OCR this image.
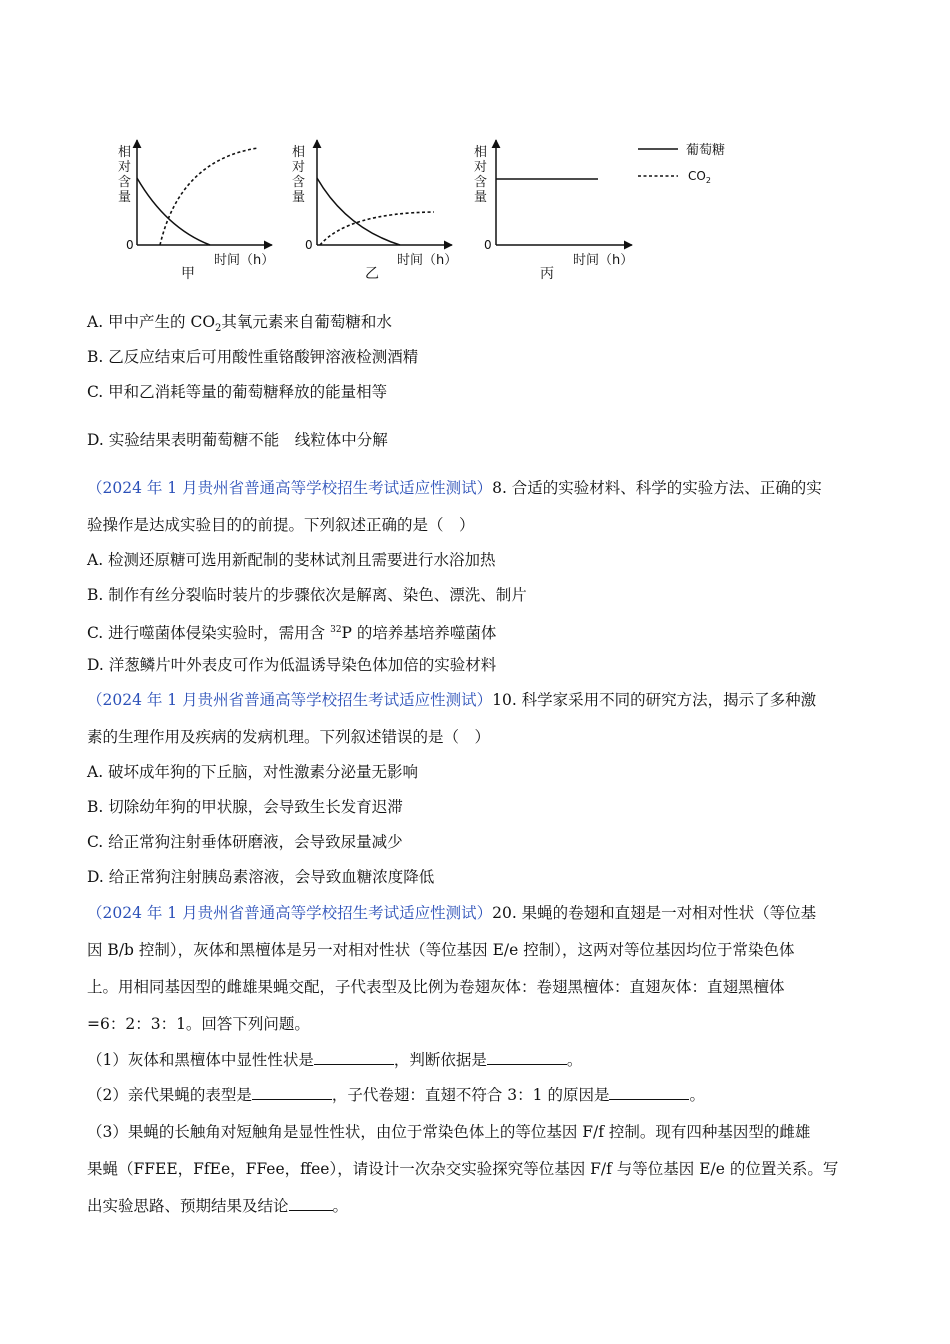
相 对 含 量
0
甲
时间（h）
相 对 含 量
0
乙
时间（h）
相 对 含 量
0
丙
时间（h）
葡萄糖
$CO_2$
A. 甲中产生的 $CO_2$其氧元素来自葡萄糖和水
B. 乙反应结束后可用酸性重铬酸钾溶液检测酒精
C. 甲和乙消耗等量的葡萄糖释放的能量相等
D. 实验结果表明葡萄糖不能　线粒体中分解
（2024 年 1 月贵州省普通高等学校招生考试适应性测试）8. 合适的实验材料、科学的实验方法、正确的实
验操作是达成实验目的的前提。下列叙述正确的是（　）
A. 检测还原糖可选用新配制的斐林试剂且需要进行水浴加热
B. 制作有丝分裂临时装片的步骤依次是解离、染色、漂洗、制片
C. 进行噬菌体侵染实验时，需用含 $^{32}$P 的培养基培养噬菌体
D. 洋葱鳞片叶外表皮可作为低温诱导染色体加倍的实验材料
（2024 年 1 月贵州省普通高等学校招生考试适应性测试）10. 科学家采用不同的研究方法，揭示了多种激
素的生理作用及疾病的发病机理。下列叙述错误的是（　）
A. 破坏成年狗的下丘脑，对性激素分泌量无影响
B. 切除幼年狗的甲状腺，会导致生长发育迟滞
C. 给正常狗注射垂体研磨液，会导致尿量减少
D. 给正常狗注射胰岛素溶液，会导致血糖浓度降低
（2024 年 1 月贵州省普通高等学校招生考试适应性测试）20. 果蝇的卷翅和直翅是一对相对性状（等位基
因 B/b 控制），灰体和黑檀体是另一对相对性状（等位基因 E/e 控制），这两对等位基因均位于常染色体
上。用相同基因型的雌雄果蝇交配，子代表型及比例为卷翅灰体：卷翅黑檀体：直翅灰体：直翅黑檀体
=6：2：3：1。回答下列问题。
（1）灰体和黑檀体中显性性状是	，判断依据是	。
（2）亲代果蝇的表型是	，子代卷翅：直翅不符合 3：1 的原因是	。
（3）果蝇的长触角对短触角是显性性状，由位于常染色体上的等位基因 F/f 控制。现有四种基因型的雌雄
果蝇（FFEE，FfEe，FFee，ffee），请设计一次杂交实验探究等位基因 F/f 与等位基因 E/e 的位置关系。写
出实验思路、预期结果及结论	。
